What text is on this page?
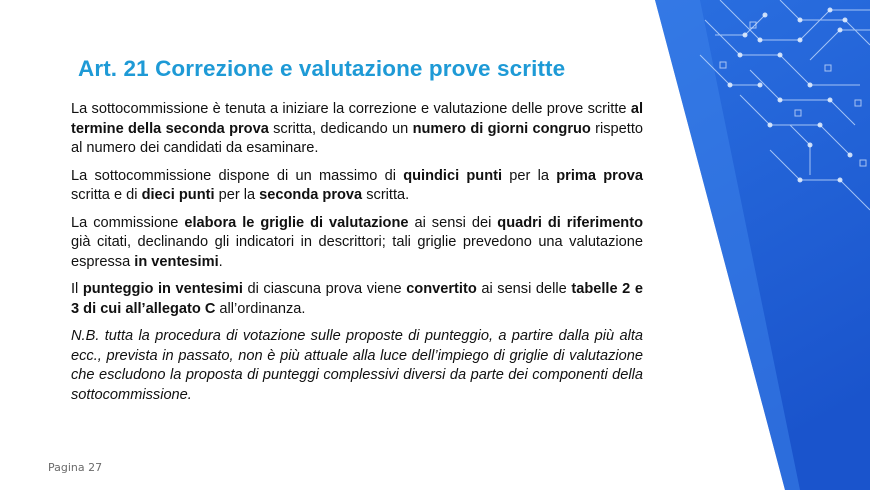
Art. 21 Correzione e valutazione prove scritte

La sottocommissione è tenuta a iniziare la correzione e valutazione delle prove scritte al termine della seconda prova scritta, dedicando un numero di giorni congruo rispetto al numero dei candidati da esaminare.

La sottocommissione dispone di un massimo di quindici punti per la prima prova scritta e di dieci punti per la seconda prova scritta.

La commissione elabora le griglie di valutazione ai sensi dei quadri di riferimento già citati, declinando gli indicatori in descrittori; tali griglie prevedono una valutazione espressa in ventesimi.

Il punteggio in ventesimi di ciascuna prova viene convertito ai sensi delle tabelle 2 e 3 di cui all’allegato C all’ordinanza.

N.B. tutta la procedura di votazione sulle proposte di punteggio, a partire dalla più alta ecc., prevista in passato, non è più attuale alla luce dell’impiego di griglie di valutazione che escludono la proposta di punteggi complessivi diversi da parte dei componenti della sottocommissione.

Pagina 27
